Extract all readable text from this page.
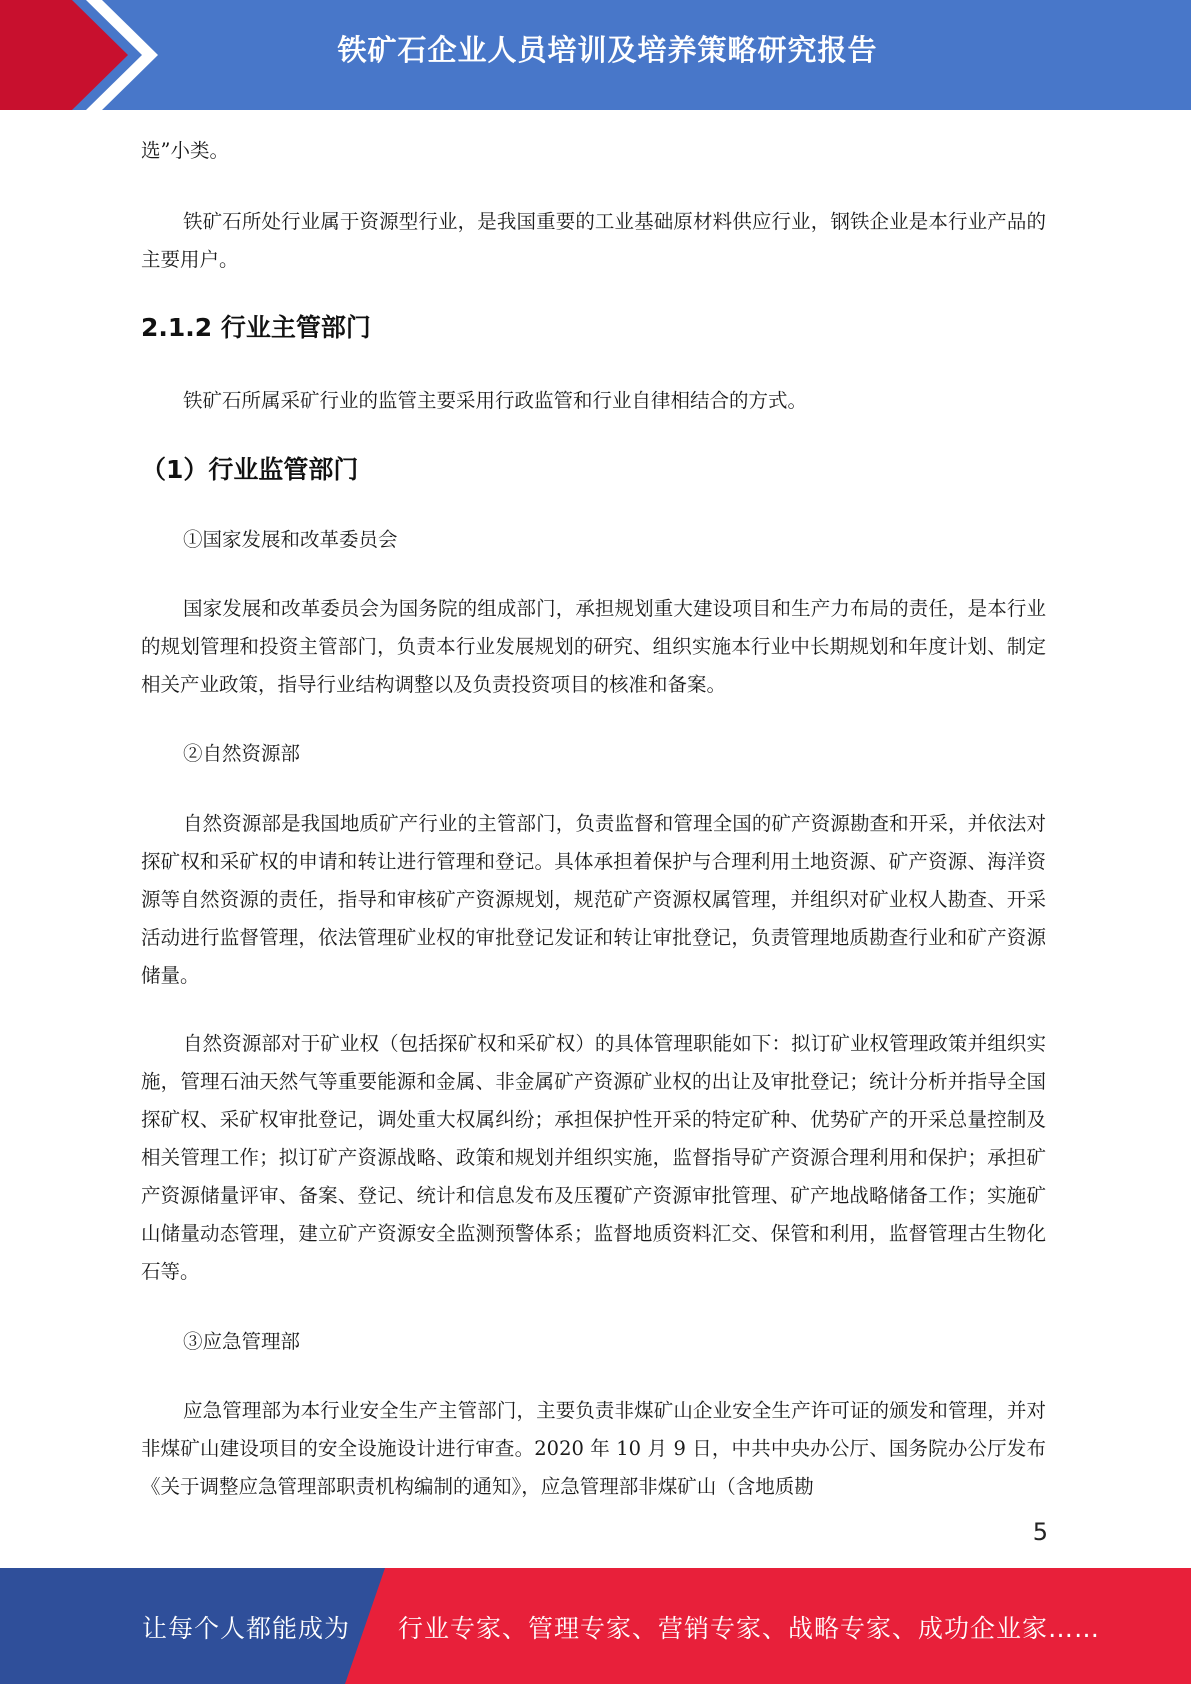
铁矿石企业人员培训及培养策略研究报告

选”小类。

铁矿石所处行业属于资源型行业，是我国重要的工业基础原材料供应行业，钢铁企业是本行业产品的主要用户。

2.1.2 行业主管部门

铁矿石所属采矿行业的监管主要采用行政监管和行业自律相结合的方式。

（1）行业监管部门

①国家发展和改革委员会

国家发展和改革委员会为国务院的组成部门，承担规划重大建设项目和生产力布局的责任，是本行业的规划管理和投资主管部门，负责本行业发展规划的研究、组织实施本行业中长期规划和年度计划、制定相关产业政策，指导行业结构调整以及负责投资项目的核准和备案。

②自然资源部

自然资源部是我国地质矿产行业的主管部门，负责监督和管理全国的矿产资源勘查和开采，并依法对探矿权和采矿权的申请和转让进行管理和登记。具体承担着保护与合理利用土地资源、矿产资源、海洋资源等自然资源的责任，指导和审核矿产资源规划，规范矿产资源权属管理，并组织对矿业权人勘查、开采活动进行监督管理，依法管理矿业权的审批登记发证和转让审批登记，负责管理地质勘查行业和矿产资源储量。

自然资源部对于矿业权（包括探矿权和采矿权）的具体管理职能如下：拟订矿业权管理政策并组织实施，管理石油天然气等重要能源和金属、非金属矿产资源矿业权的出让及审批登记；统计分析并指导全国探矿权、采矿权审批登记，调处重大权属纠纷；承担保护性开采的特定矿种、优势矿产的开采总量控制及相关管理工作；拟订矿产资源战略、政策和规划并组织实施，监督指导矿产资源合理利用和保护；承担矿产资源储量评审、备案、登记、统计和信息发布及压覆矿产资源审批管理、矿产地战略储备工作；实施矿山储量动态管理，建立矿产资源安全监测预警体系；监督地质资料汇交、保管和利用，监督管理古生物化石等。

③应急管理部

应急管理部为本行业安全生产主管部门，主要负责非煤矿山企业安全生产许可证的颁发和管理，并对非煤矿山建设项目的安全设施设计进行审查。2020 年 10 月 9 日，中共中央办公厅、国务院办公厅发布《关于调整应急管理部职责机构编制的通知》，应急管理部非煤矿山（含地质勘

5
让每个人都能成为 行业专家、管理专家、营销专家、战略专家、成功企业家……
